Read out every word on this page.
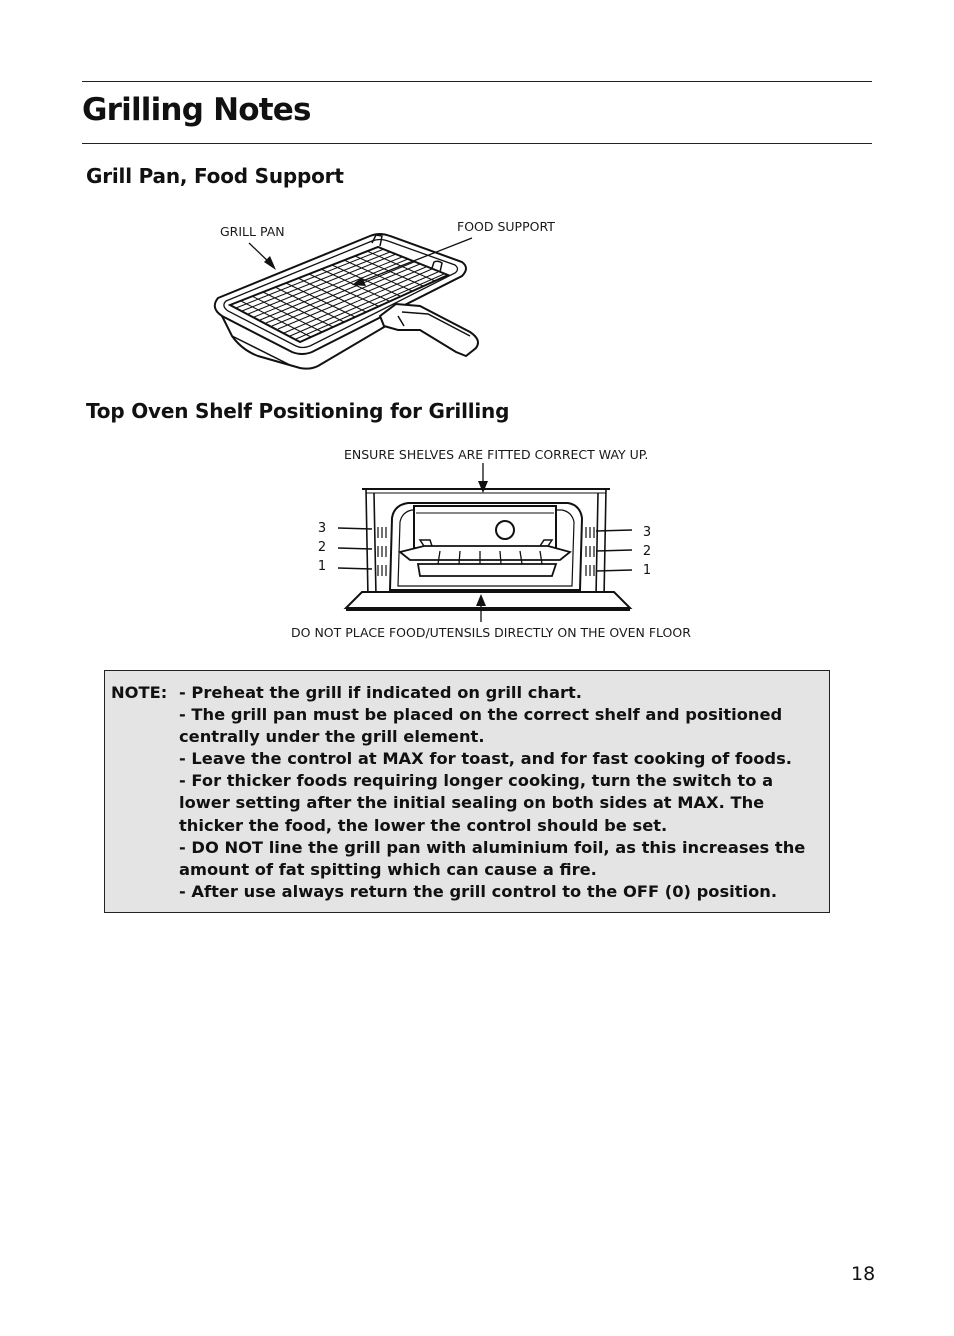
Grilling Notes
Grill Pan, Food Support
GRILL PAN	FOOD SUPPORT
Top Oven Shelf Positioning for Grilling
ENSURE SHELVES ARE FITTED CORRECT WAY UP.
DO NOT PLACE FOOD/UTENSILS DIRECTLY ON THE OVEN FLOOR
3
2
1
3
2
1
NOTE: - Preheat the grill if indicated on grill chart.
- The grill pan must be placed on the correct shelf and positioned centrally under the grill element.
- Leave the control at MAX for toast, and for fast cooking of foods.
- For thicker foods requiring longer cooking, turn the switch to a lower setting after the initial sealing on both sides at MAX. The thicker the food, the lower the control should be set.
- DO NOT line the grill pan with aluminium foil, as this increases the amount of fat spitting which can cause a fire.
- After use always return the grill control to the OFF (0) position.
18
